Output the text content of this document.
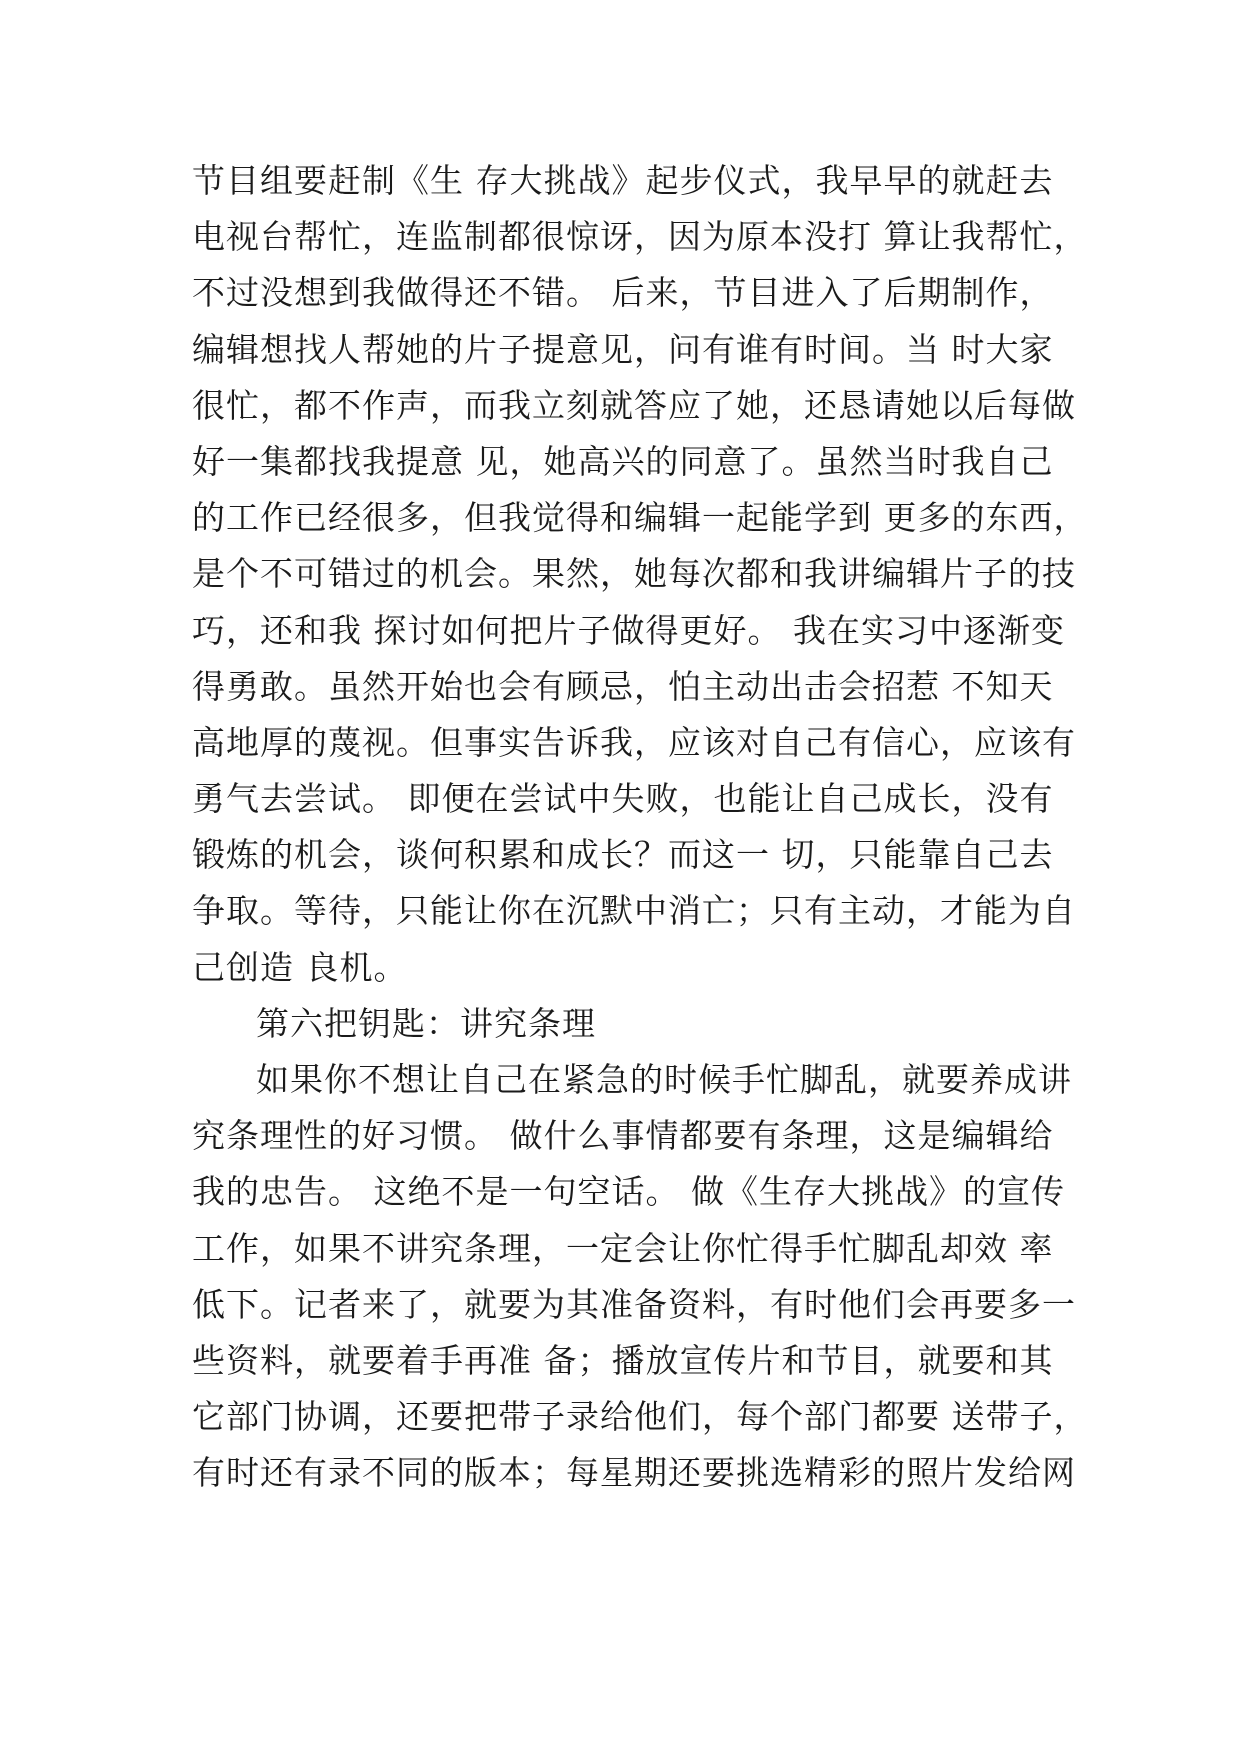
节目组要赶制《生 存大挑战》起步仪式，我早早的就赶去
电视台帮忙，连监制都很惊讶，因为原本没打 算让我帮忙，
不过没想到我做得还不错。 后来，节目进入了后期制作，
编辑想找人帮她的片子提意见，问有谁有时间。当 时大家
很忙，都不作声，而我立刻就答应了她，还恳请她以后每做
好一集都找我提意 见，她高兴的同意了。虽然当时我自己
的工作已经很多，但我觉得和编辑一起能学到 更多的东西，
是个不可错过的机会。果然，她每次都和我讲编辑片子的技
巧，还和我 探讨如何把片子做得更好。 我在实习中逐渐变
得勇敢。虽然开始也会有顾忌，怕主动出击会招惹 不知天
高地厚的蔑视。但事实告诉我，应该对自己有信心，应该有
勇气去尝试。 即便在尝试中失败，也能让自己成长，没有
锻炼的机会，谈何积累和成长？而这一 切，只能靠自己去
争取。等待，只能让你在沉默中消亡；只有主动，才能为自
己创造 良机。
第六把钥匙：讲究条理
如果你不想让自己在紧急的时候手忙脚乱，就要养成讲
究条理性的好习惯。 做什么事情都要有条理，这是编辑给
我的忠告。 这绝不是一句空话。 做《生存大挑战》的宣传
工作，如果不讲究条理，一定会让你忙得手忙脚乱却效 率
低下。记者来了，就要为其准备资料，有时他们会再要多一
些资料，就要着手再准 备；播放宣传片和节目，就要和其
它部门协调，还要把带子录给他们，每个部门都要 送带子，
有时还有录不同的版本；每星期还要挑选精彩的照片发给网
